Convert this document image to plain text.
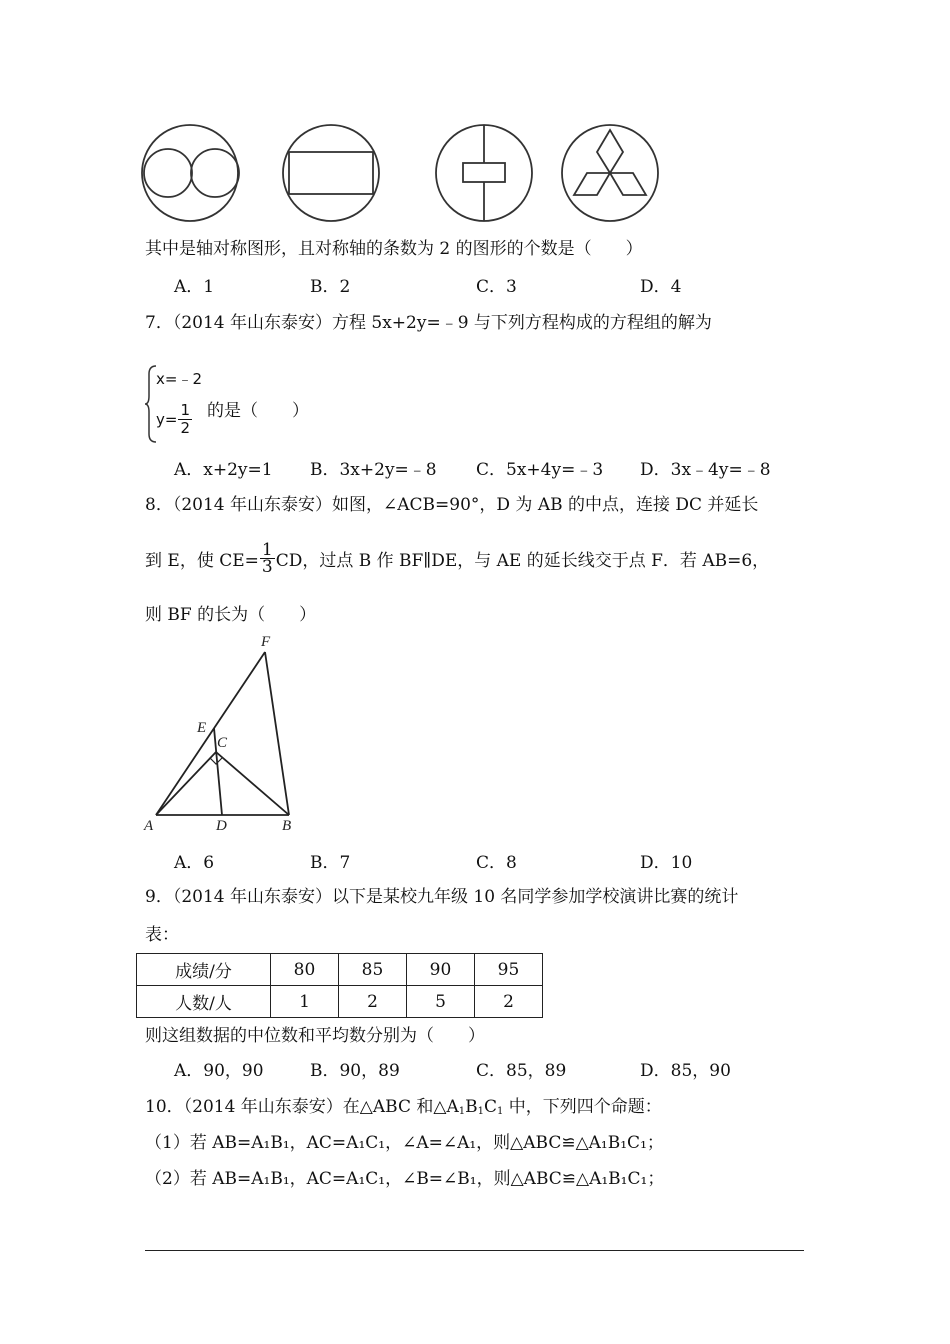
其中是轴对称图形，且对称轴的条数为 2 的图形的个数是（　　）
A．1	B．2	C．3	D．4
7．（2014 年山东泰安）方程 5x+2y=﹣9 与下列方程构成的方程组的解为
x=﹣2
$y= \frac{1}{2}$ 的是（　　）
A．x+2y=1 B．3x+2y=﹣8 C．5x+4y=﹣3 D．3x﹣4y=﹣8
8．（2014 年山东泰安）如图，∠ACB=90°，D 为 AB 的中点，连接 DC 并延长
到 E，使 $CE= \frac{1}{3}$ CD，过点 B 作 BF∥DE，与 AE 的延长线交于点 F．若 AB=6，
则 BF 的长为（　　）
F
E
C
A	D	B
A．6	B．7	C．8	D．10
9．（2014 年山东泰安）以下是某校九年级 10 名同学参加学校演讲比赛的统计
表：
成绩/分	80	85	90	95
人数/人	1	2	5	2
则这组数据的中位数和平均数分别为（　　）
A．90，90	B．90，89	C．85，89	D．85，90
10．（2014 年山东泰安）在△ABC 和$\triangle A_1B_1C_1$ 中，下列四个命题：
（1）若 AB=A₁B₁，AC=A₁C₁，∠A=∠A₁，则△ABC≌△A₁B₁C₁；
（2）若 AB=A₁B₁，AC=A₁C₁，∠B=∠B₁，则△ABC≌△A₁B₁C₁；
